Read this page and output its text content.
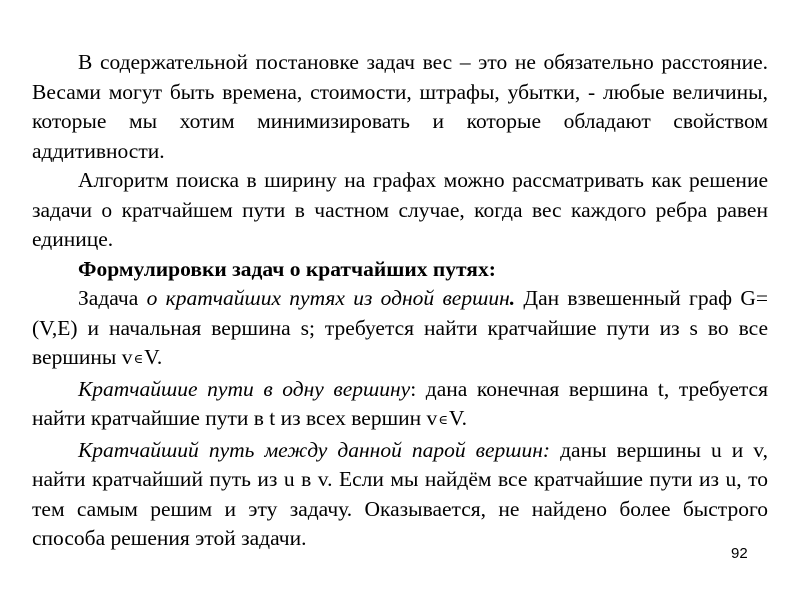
В содержательной постановке задач вес – это не обязательно расстояние. Весами могут быть времена, стоимости, штрафы, убытки, - любые величины, которые мы хотим минимизировать и которые обладают свойством аддитивности.

Алгоритм поиска в ширину на графах можно рассматривать как решение задачи о кратчайшем пути в частном случае, когда вес каждого ребра равен единице.

Формулировки задач о кратчайших путях:

Задача о кратчайших путях из одной вершин. Дан взвешенный граф G=(V,E) и начальная вершина s; требуется найти кратчайшие пути из s во все вершины v∈V.

Кратчайшие пути в одну вершину: дана конечная вершина t, требуется найти кратчайшие пути в t из всех вершин v∈V.

Кратчайший путь между данной парой вершин: даны вершины u и v, найти кратчайший путь из u в v. Если мы найдём все кратчайшие пути из u, то тем самым решим и эту задачу. Оказывается, не найдено более быстрого способа решения этой задачи.

92
